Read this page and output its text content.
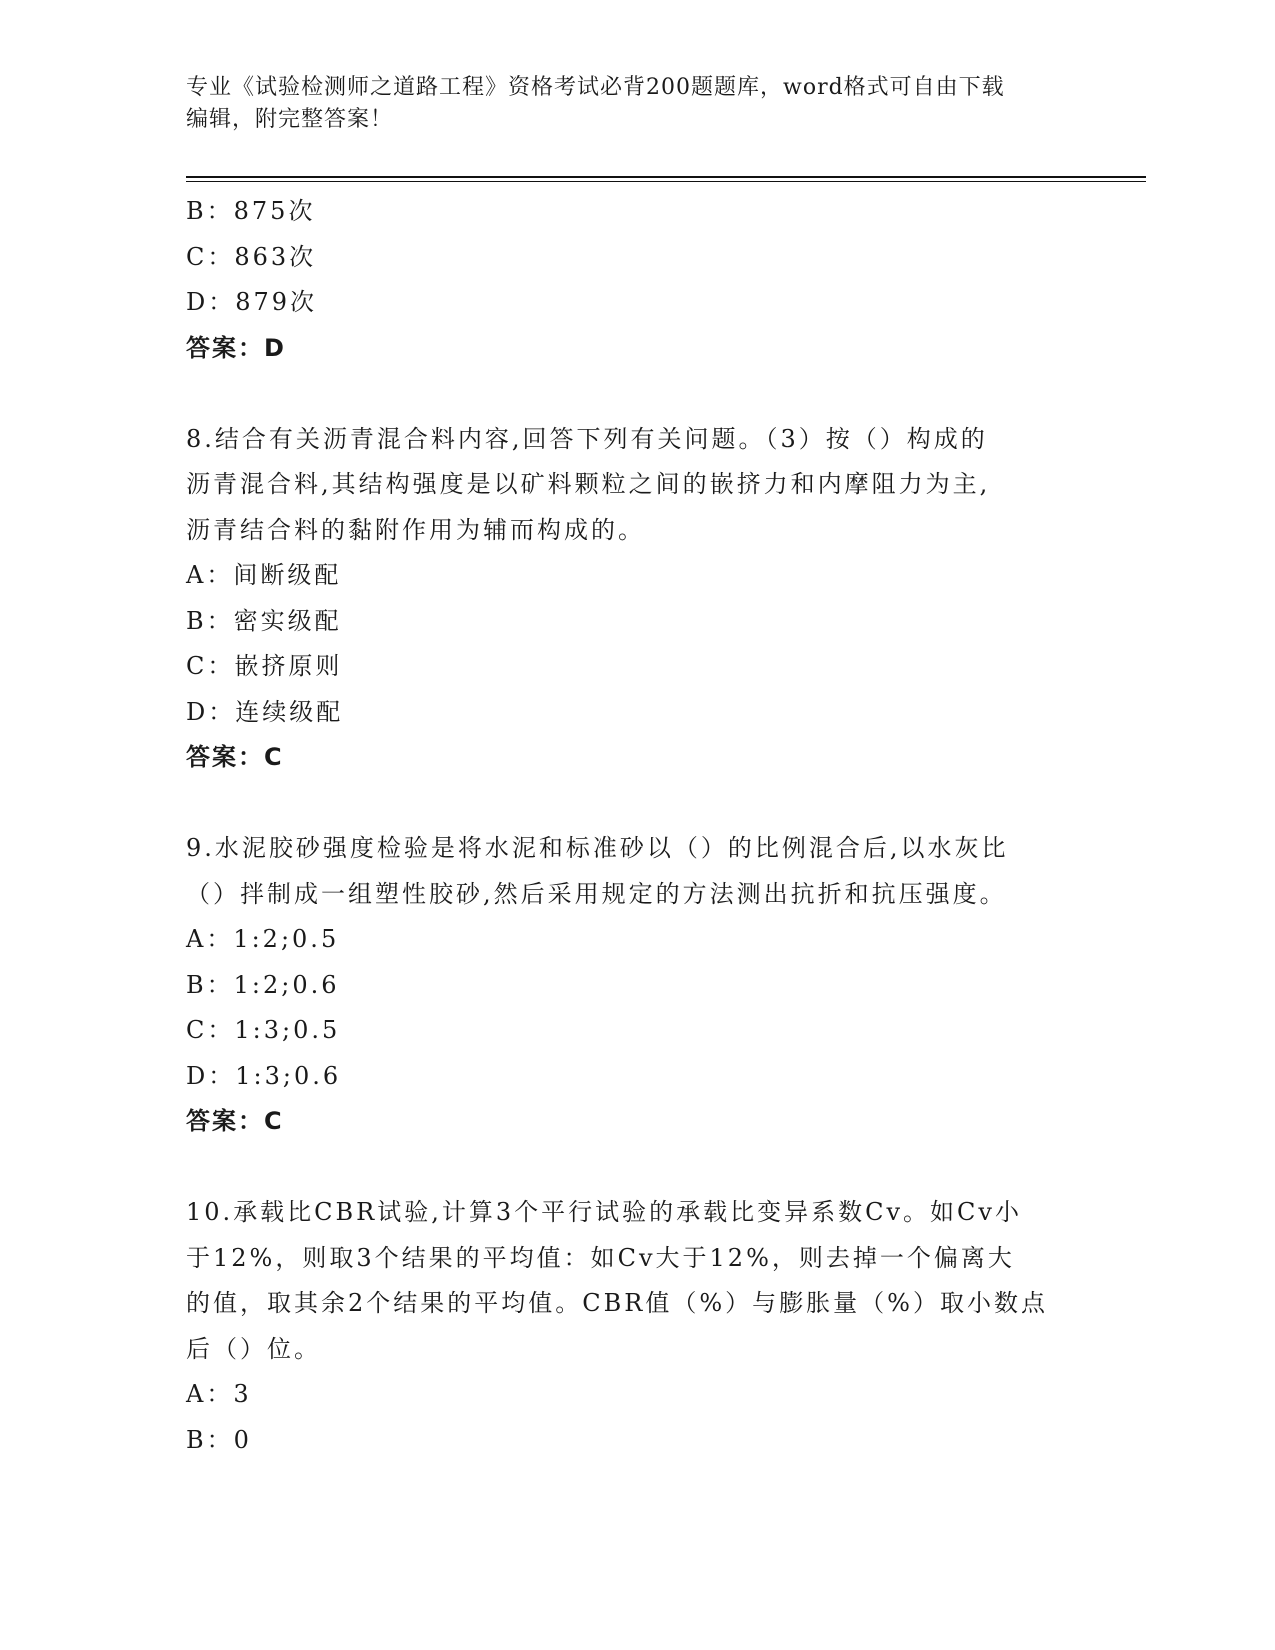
专业《试验检测师之道路工程》资格考试必背200题题库，word格式可自由下载
编辑，附完整答案！
B：875次
C：863次
D：879次
答案：D
8.结合有关沥青混合料内容,回答下列有关问题。（3）按（）构成的
沥青混合料,其结构强度是以矿料颗粒之间的嵌挤力和内摩阻力为主,
沥青结合料的黏附作用为辅而构成的。
A：间断级配
B：密实级配
C：嵌挤原则
D：连续级配
答案：C
9.水泥胶砂强度检验是将水泥和标准砂以（）的比例混合后,以水灰比
（）拌制成一组塑性胶砂,然后采用规定的方法测出抗折和抗压强度。
A：1:2;0.5
B：1:2;0.6
C：1:3;0.5
D：1:3;0.6
答案：C
10.承载比CBR试验,计算3个平行试验的承载比变异系数Cv。如Cv小
于12%，则取3个结果的平均值：如Cv大于12%，则去掉一个偏离大
的值，取其余2个结果的平均值。CBR值（%）与膨胀量（%）取小数点
后（）位。
A：3
B：0
